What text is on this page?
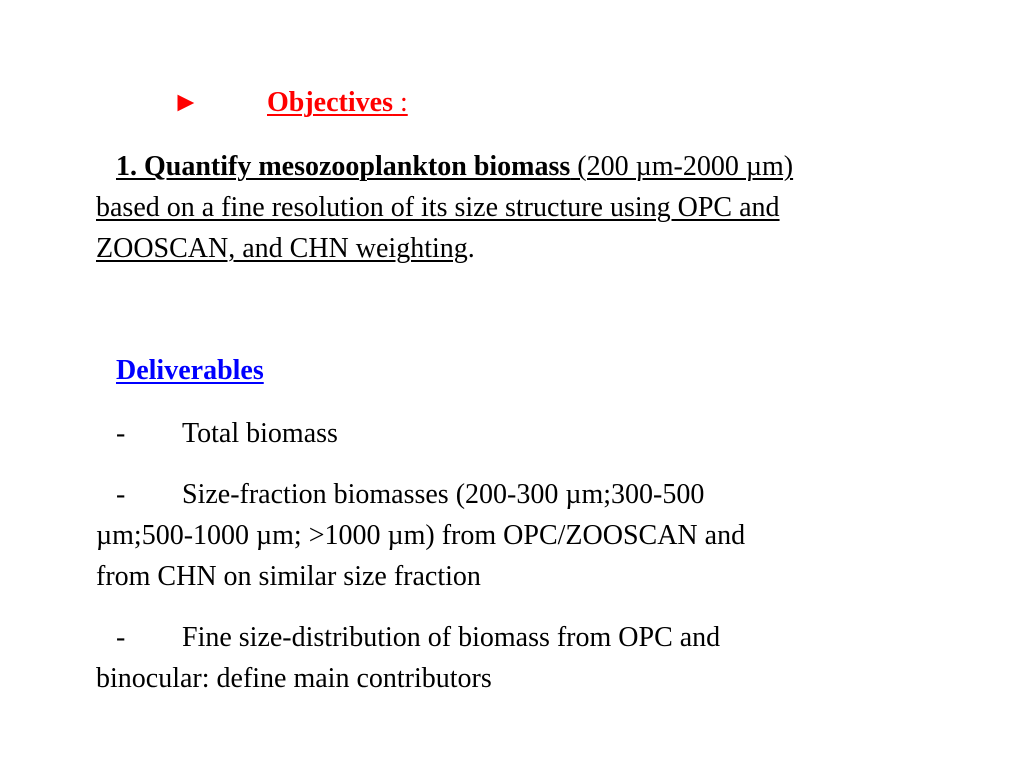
► Objectives :
1. Quantify mesozooplankton biomass (200 µm-2000 µm)
based on a fine resolution of its size structure using OPC and
ZOOSCAN, and CHN weighting.
Deliverables
- Total biomass
- Size-fraction biomasses (200-300 µm;300-500
µm;500-1000 µm; >1000 µm) from OPC/ZOOSCAN and
from CHN on similar size fraction
- Fine size-distribution of biomass from OPC and
binocular: define main contributors
